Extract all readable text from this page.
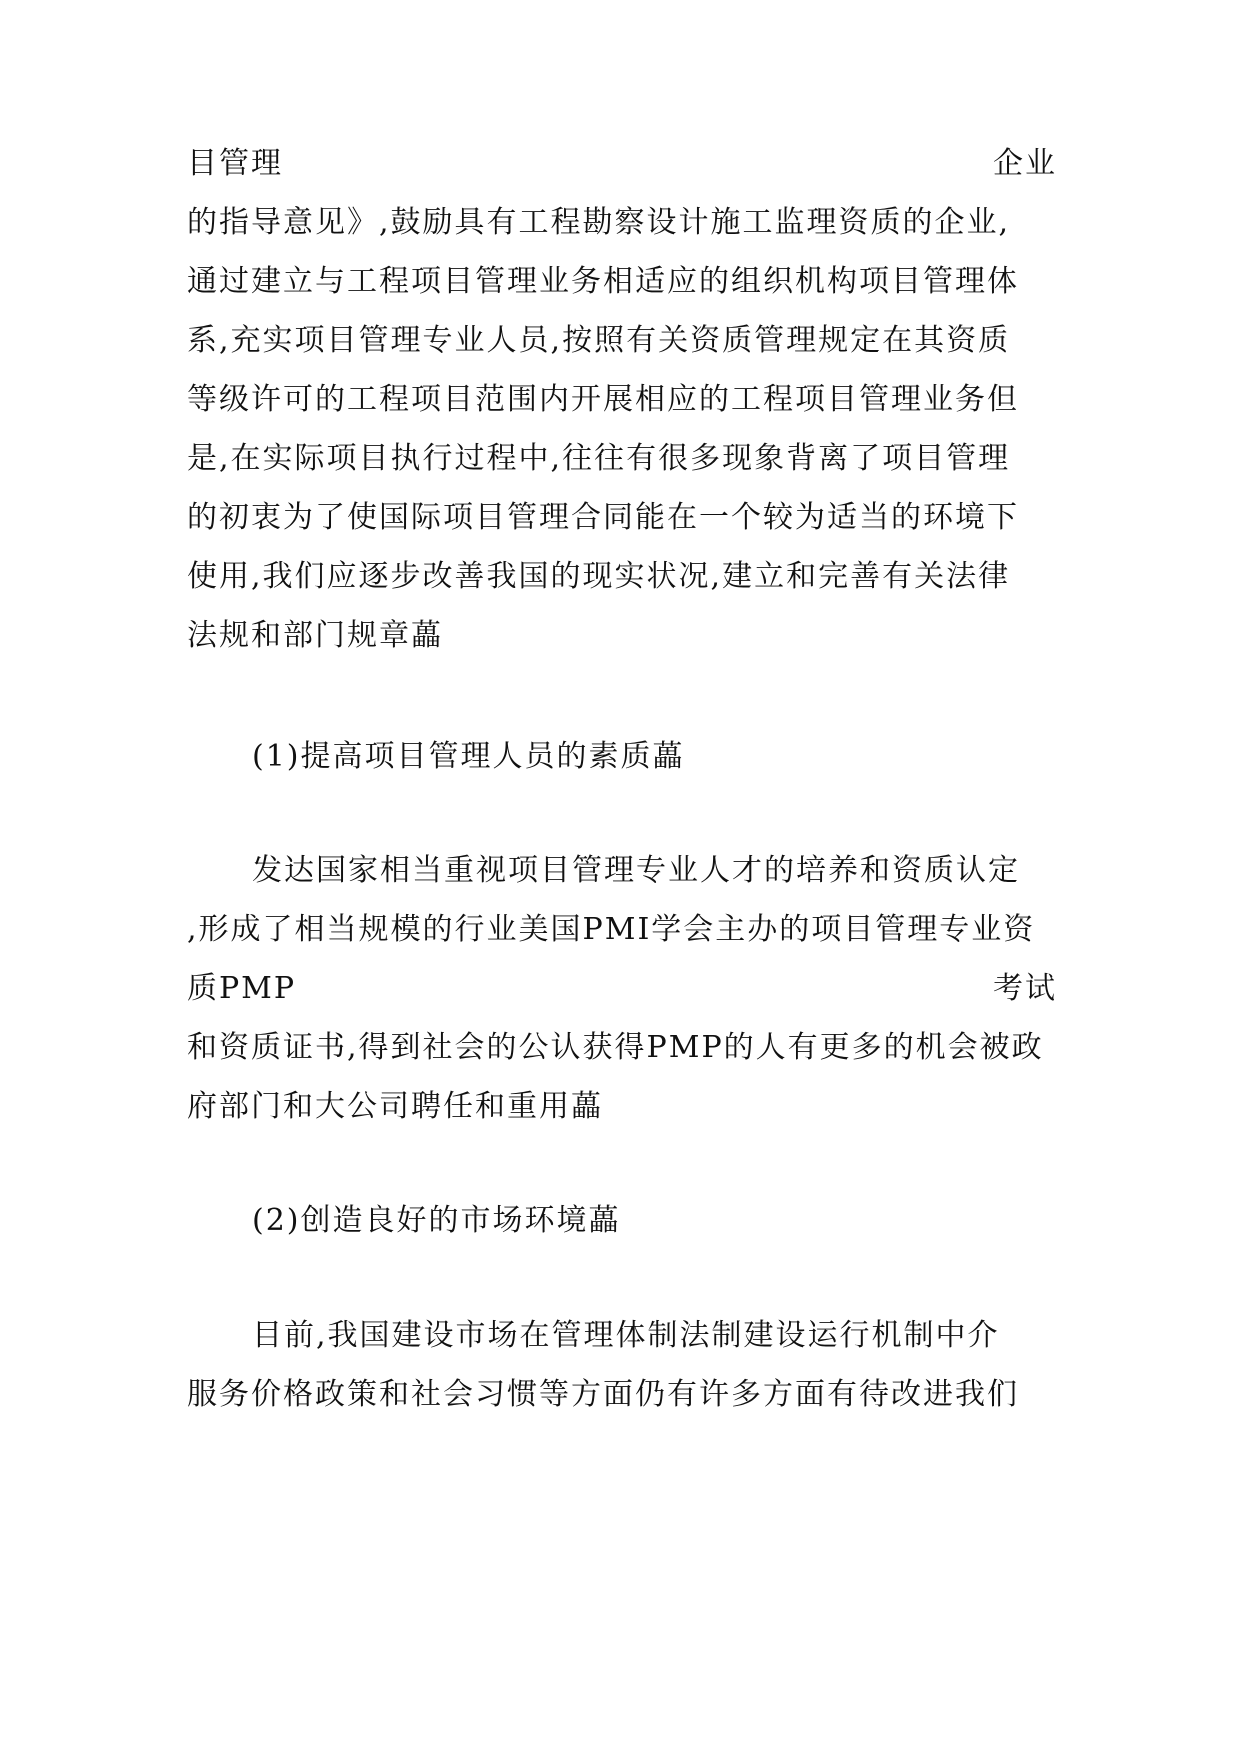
目管理	企业
的指导意见》,鼓励具有工程勘察设计施工监理资质的企业,
通过建立与工程项目管理业务相适应的组织机构项目管理体
系,充实项目管理专业人员,按照有关资质管理规定在其资质
等级许可的工程项目范围内开展相应的工程项目管理业务但
是,在实际项目执行过程中,往往有很多现象背离了项目管理
的初衷为了使国际项目管理合同能在一个较为适当的环境下
使用,我们应逐步改善我国的现实状况,建立和完善有关法律
法规和部门规章藟
(1)提高项目管理人员的素质藟
发达国家相当重视项目管理专业人才的培养和资质认定
,形成了相当规模的行业美国PMI学会主办的项目管理专业资
质PMP	考试
和资质证书,得到社会的公认获得PMP的人有更多的机会被政
府部门和大公司聘任和重用藟
(2)创造良好的市场环境藟
目前,我国建设市场在管理体制法制建设运行机制中介
服务价格政策和社会习惯等方面仍有许多方面有待改进我们
